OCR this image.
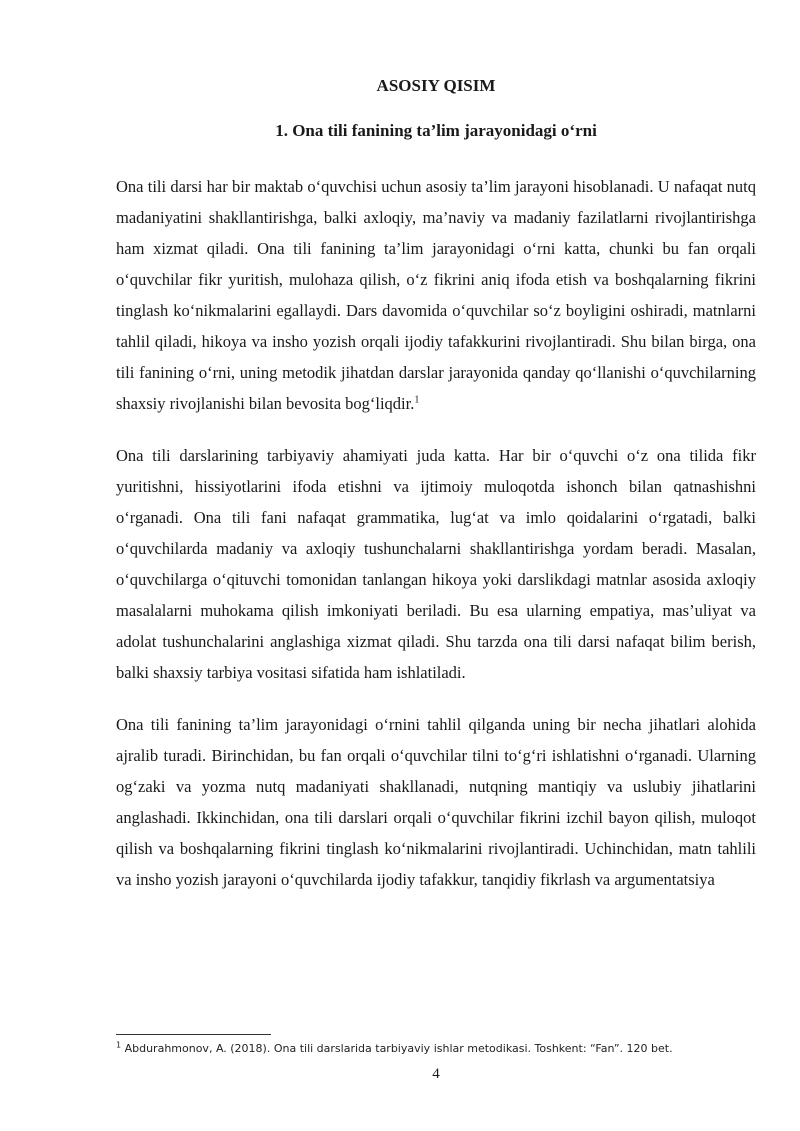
ASOSIY QISIM
1. Ona tili fanining ta’lim jarayonidagi o‘rni

Ona tili darsi har bir maktab o‘quvchisi uchun asosiy ta’lim jarayoni hisoblanadi. U nafaqat nutq madaniyatini shakllantirishga, balki axloqiy, ma’naviy va madaniy fazilatlarni rivojlantirishga ham xizmat qiladi. Ona tili fanining ta’lim jarayonidagi o‘rni katta, chunki bu fan orqali o‘quvchilar fikr yuritish, mulohaza qilish, o‘z fikrini aniq ifoda etish va boshqalarning fikrini tinglash ko‘nikmalarini egallaydi. Dars davomida o‘quvchilar so‘z boyligini oshiradi, matnlarni tahlil qiladi, hikoya va insho yozish orqali ijodiy tafakkurini rivojlantiradi. Shu bilan birga, ona tili fanining o‘rni, uning metodik jihatdan darslar jarayonida qanday qo‘llanishi o‘quvchilarning shaxsiy rivojlanishi bilan bevosita bog‘liqdir.$^1$

Ona tili darslarining tarbiyaviy ahamiyati juda katta. Har bir o‘quvchi o‘z ona tilida fikr yuritishni, hissiyotlarini ifoda etishni va ijtimoiy muloqotda ishonch bilan qatnashishni o‘rganadi. Ona tili fani nafaqat grammatika, lug‘at va imlo qoidalarini o‘rgatadi, balki o‘quvchilarda madaniy va axloqiy tushunchalarni shakllantirishga yordam beradi. Masalan, o‘quvchilarga o‘qituvchi tomonidan tanlangan hikoya yoki darslikdagi matnlar asosida axloqiy masalalarni muhokama qilish imkoniyati beriladi. Bu esa ularning empatiya, mas’uliyat va adolat tushunchalarini anglashiga xizmat qiladi. Shu tarzda ona tili darsi nafaqat bilim berish, balki shaxsiy tarbiya vositasi sifatida ham ishlatiladi.

Ona tili fanining ta’lim jarayonidagi o‘rnini tahlil qilganda uning bir necha jihatlari alohida ajralib turadi. Birinchidan, bu fan orqali o‘quvchilar tilni to‘g‘ri ishlatishni o‘rganadi. Ularning og‘zaki va yozma nutq madaniyati shakllanadi, nutqning mantiqiy va uslubiy jihatlarini anglashadi. Ikkinchidan, ona tili darslari orqali o‘quvchilar fikrini izchil bayon qilish, muloqot qilish va boshqalarning fikrini tinglash ko‘nikmalarini rivojlantiradi. Uchinchidan, matn tahlili va insho yozish jarayoni o‘quvchilarda ijodiy tafakkur, tanqidiy fikrlash va argumentatsiya

$^1$ Abdurahmonov, A. (2018). Ona tili darslarida tarbiyaviy ishlar metodikasi. Toshkent: “Fan”. 120 bet.

4
